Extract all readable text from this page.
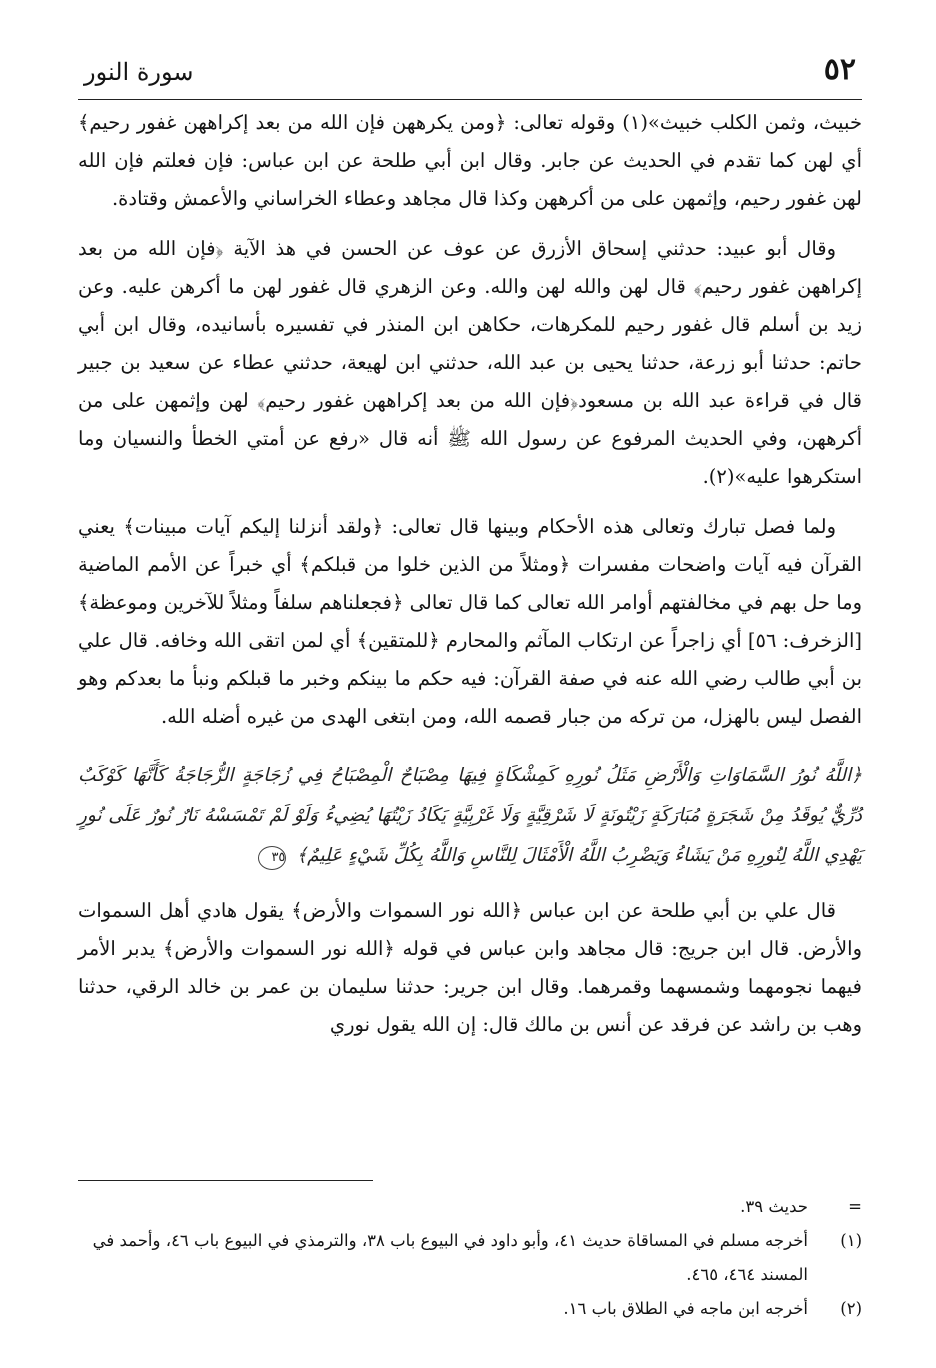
٥٢
سورة النور

خبيث، وثمن الكلب خبيث»(١) وقوله تعالى: ﴿ومن يكرههن فإن الله من بعد إكراههن غفور رحيم﴾ أي لهن كما تقدم في الحديث عن جابر. وقال ابن أبي طلحة عن ابن عباس: فإن فعلتم فإن الله لهن غفور رحيم، وإثمهن على من أكرههن وكذا قال مجاهد وعطاء الخراساني والأعمش وقتادة.

وقال أبو عبيد: حدثني إسحاق الأزرق عن عوف عن الحسن في هذ الآية ﴿فإن الله من بعد إكراههن غفور رحيم﴾ قال لهن والله لهن والله. وعن الزهري قال غفور لهن ما أكرهن عليه. وعن زيد بن أسلم قال غفور رحيم للمكرهات، حكاهن ابن المنذر في تفسيره بأسانيده، وقال ابن أبي حاتم: حدثنا أبو زرعة، حدثنا يحيى بن عبد الله، حدثني ابن لهيعة، حدثني عطاء عن سعيد بن جبير قال في قراءة عبد الله بن مسعود﴿فإن الله من بعد إكراههن غفور رحيم﴾ لهن وإثمهن على من أكرههن، وفي الحديث المرفوع عن رسول الله ﷺ أنه قال «رفع عن أمتي الخطأ والنسيان وما استكرهوا عليه»(٢).

ولما فصل تبارك وتعالى هذه الأحكام وبينها قال تعالى: ﴿ولقد أنزلنا إليكم آيات مبينات﴾ يعني القرآن فيه آيات واضحات مفسرات ﴿ومثلاً من الذين خلوا من قبلكم﴾ أي خبراً عن الأمم الماضية وما حل بهم في مخالفتهم أوامر الله تعالى كما قال تعالى ﴿فجعلناهم سلفاً ومثلاً للآخرين وموعظة﴾ [الزخرف: ٥٦] أي زاجراً عن ارتكاب المآثم والمحارم ﴿للمتقين﴾ أي لمن اتقى الله وخافه. قال علي بن أبي طالب رضي الله عنه في صفة القرآن: فيه حكم ما بينكم وخبر ما قبلكم ونبأ ما بعدكم وهو الفصل ليس بالهزل، من تركه من جبار قصمه الله، ومن ابتغى الهدى من غيره أضله الله.

﴿اللَّهُ نُورُ السَّمَاوَاتِ وَالْأَرْضِ مَثَلُ نُورِهِ كَمِشْكَاةٍ فِيهَا مِصْبَاحٌ الْمِصْبَاحُ فِي زُجَاجَةٍ الزُّجَاجَةُ كَأَنَّهَا كَوْكَبٌ دُرِّيٌّ يُوقَدُ مِنْ شَجَرَةٍ مُبَارَكَةٍ زَيْتُونَةٍ لَا شَرْقِيَّةٍ وَلَا غَرْبِيَّةٍ يَكَادُ زَيْتُهَا يُضِيءُ وَلَوْ لَمْ تَمْسَسْهُ نَارٌ نُورٌ عَلَى نُورٍ يَهْدِي اللَّهُ لِنُورِهِ مَنْ يَشَاءُ وَيَضْرِبُ اللَّهُ الْأَمْثَالَ لِلنَّاسِ وَاللَّهُ بِكُلِّ شَيْءٍ عَلِيمٌ﴾ ٣٥

قال علي بن أبي طلحة عن ابن عباس ﴿الله نور السموات والأرض﴾ يقول هادي أهل السموات والأرض. قال ابن جريج: قال مجاهد وابن عباس في قوله ﴿الله نور السموات والأرض﴾ يدبر الأمر فيهما نجومهما وشمسهما وقمرهما. وقال ابن جرير: حدثنا سليمان بن عمر بن خالد الرقي، حدثنا وهب بن راشد عن فرقد عن أنس بن مالك قال: إن الله يقول نوري

=
حديث ٣٩.
(١)
أخرجه مسلم في المساقاة حديث ٤١، وأبو داود في البيوع باب ٣٨، والترمذي في البيوع باب ٤٦، وأحمد في المسند ٤٦٤، ٤٦٥.
(٢)
أخرجه ابن ماجه في الطلاق باب ١٦.
